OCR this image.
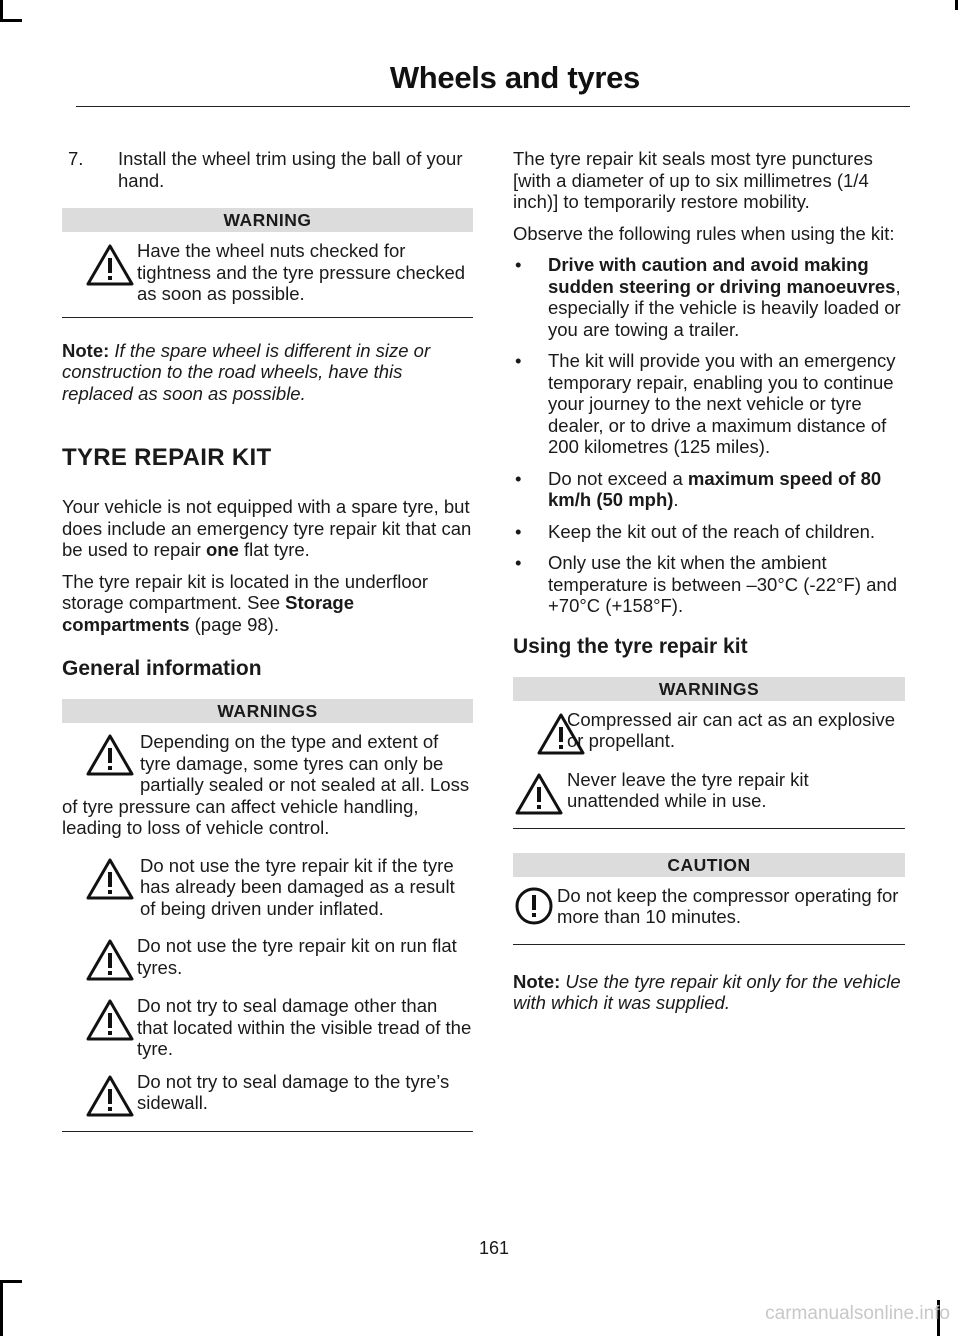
Wheels and tyres
7. Install the wheel trim using the ball of your hand.
WARNING

Have the wheel nuts checked for tightness and the tyre pressure checked as soon as possible.

Note: If the spare wheel is different in size or construction to the road wheels, have this replaced as soon as possible.

TYRE REPAIR KIT

Your vehicle is not equipped with a spare tyre, but does include an emergency tyre repair kit that can be used to repair one flat tyre.

The tyre repair kit is located in the underfloor storage compartment. See Storage compartments (page 98).

General information
WARNINGS

Depending on the type and extent of tyre damage, some tyres can only be partially sealed or not sealed at all. Loss of tyre pressure can affect vehicle handling, leading to loss of vehicle control.

Do not use the tyre repair kit if the tyre has already been damaged as a result of being driven under inflated.

Do not use the tyre repair kit on run flat tyres.

Do not try to seal damage other than that located within the visible tread of the tyre.

Do not try to seal damage to the tyre’s sidewall.

The tyre repair kit seals most tyre punctures [with a diameter of up to six millimetres (1/4 inch)] to temporarily restore mobility.

Observe the following rules when using the kit:

• Drive with caution and avoid making sudden steering or driving manoeuvres, especially if the vehicle is heavily loaded or you are towing a trailer.
• The kit will provide you with an emergency temporary repair, enabling you to continue your journey to the next vehicle or tyre dealer, or to drive a maximum distance of 200 kilometres (125 miles).
• Do not exceed a maximum speed of 80 km/h (50 mph).
• Keep the kit out of the reach of children.
• Only use the kit when the ambient temperature is between –30°C (-22°F) and +70°C (+158°F).
Using the tyre repair kit
WARNINGS

Compressed air can act as an explosive or propellant.

Never leave the tyre repair kit unattended while in use.

CAUTION

Do not keep the compressor operating for more than 10 minutes.

Note: Use the tyre repair kit only for the vehicle with which it was supplied.

161
carmanualsonline.info
